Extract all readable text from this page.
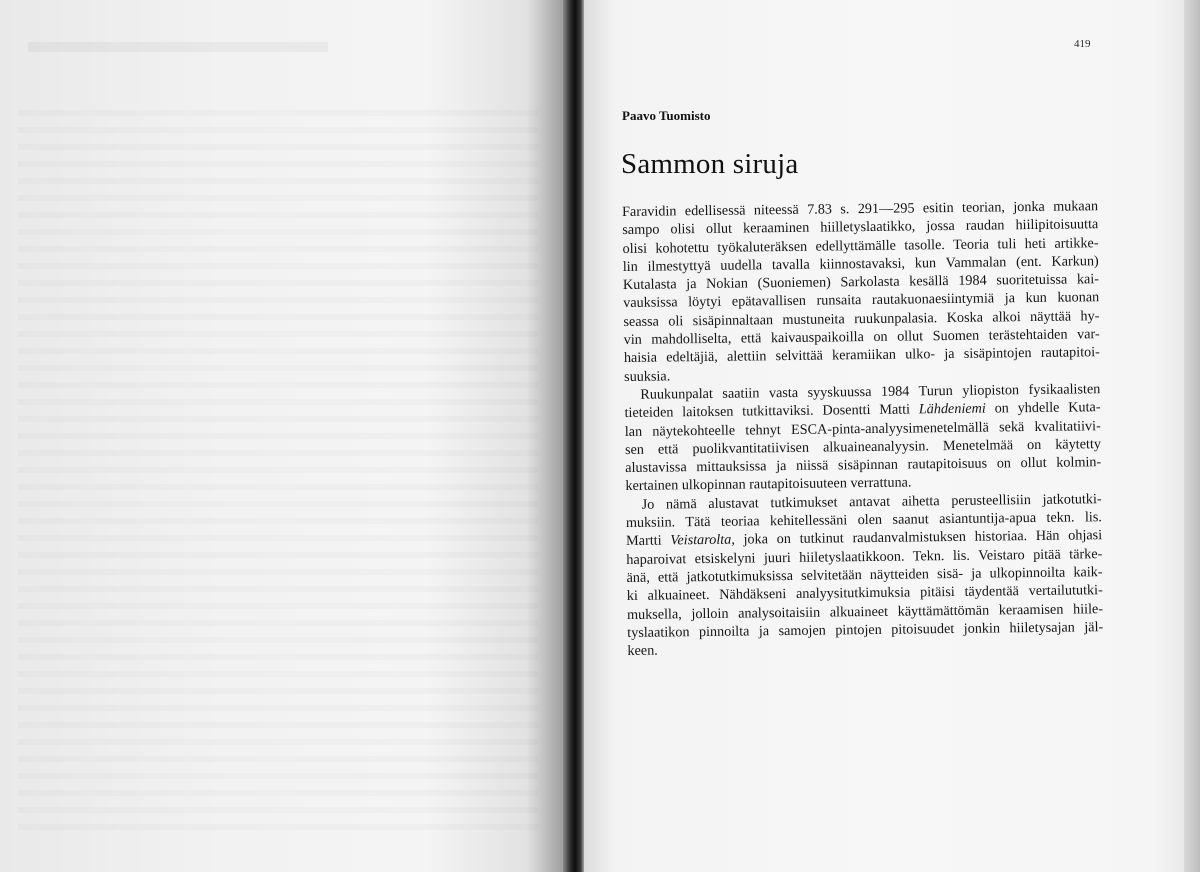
419
Paavo Tuomisto
Sammon siruja
Faravidin edellisessä niteessä 7.83 s. 291—295 esitin teorian, jonka mukaan
sampo olisi ollut keraaminen hiilletyslaatikko, jossa raudan hiilipitoisuutta
olisi kohotettu työkaluteräksen edellyttämälle tasolle. Teoria tuli heti artikke-
lin ilmestyttyä uudella tavalla kiinnostavaksi, kun Vammalan (ent. Karkun)
Kutalasta ja Nokian (Suoniemen) Sarkolasta kesällä 1984 suoritetuissa kai-
vauksissa löytyi epätavallisen runsaita rautakuonaesiintymiä ja kun kuonan
seassa oli sisäpinnaltaan mustuneita ruukunpalasia. Koska alkoi näyttää hy-
vin mahdolliselta, että kaivauspaikoilla on ollut Suomen terästehtaiden var-
haisia edeltäjiä, alettiin selvittää keramiikan ulko- ja sisäpintojen rautapitoi-
suuksia.
Ruukunpalat saatiin vasta syyskuussa 1984 Turun yliopiston fysikaalisten
tieteiden laitoksen tutkittaviksi. Dosentti Matti Lähdeniemi on yhdelle Kuta-
lan näytekohteelle tehnyt ESCA-pinta-analyysimenetelmällä sekä kvalitatiivi-
sen että puolikvantitatiivisen alkuaineanalyysin. Menetelmää on käytetty
alustavissa mittauksissa ja niissä sisäpinnan rautapitoisuus on ollut kolmin-
kertainen ulkopinnan rautapitoisuuteen verrattuna.
Jo nämä alustavat tutkimukset antavat aihetta perusteellisiin jatkotutki-
muksiin. Tätä teoriaa kehitellessäni olen saanut asiantuntija-apua tekn. lis.
Martti Veistarolta, joka on tutkinut raudanvalmistuksen historiaa. Hän ohjasi
haparoivat etsiskelyni juuri hiiletyslaatikkoon. Tekn. lis. Veistaro pitää tärke-
änä, että jatkotutkimuksissa selvitetään näytteiden sisä- ja ulkopinnoilta kaik-
ki alkuaineet. Nähdäkseni analyysitutkimuksia pitäisi täydentää vertailututki-
muksella, jolloin analysoitaisiin alkuaineet käyttämättömän keraamisen hiile-
tyslaatikon pinnoilta ja samojen pintojen pitoisuudet jonkin hiiletysajan jäl-
keen.
